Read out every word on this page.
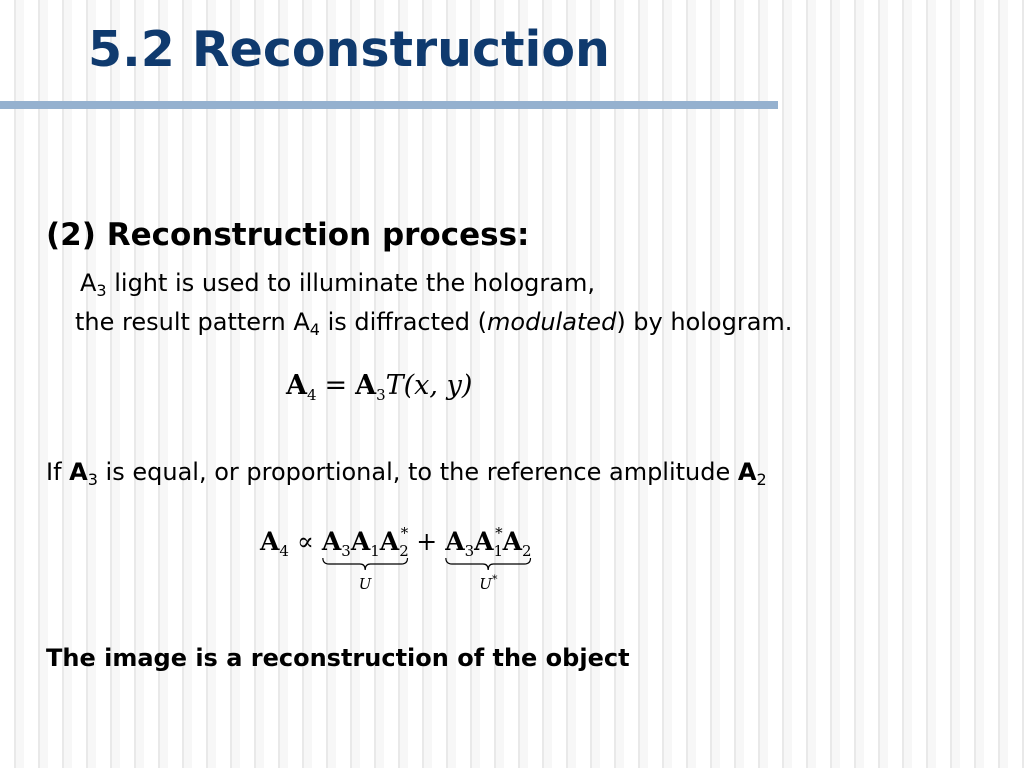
5.2 Reconstruction
(2) Reconstruction process:
$A_3$ light is used to illuminate the hologram,
the result pattern $A_4$ is diffracted (modulated) by hologram.
$A_4 = A_3T(x$, y)
If $A_3$ is equal, or proportional, to the reference amplitude $A_2$
$A_4 \propto A_3A_1A_2^*$
U
+ $A_3A_1^*A_2$
U*
The image is a reconstruction of the object
